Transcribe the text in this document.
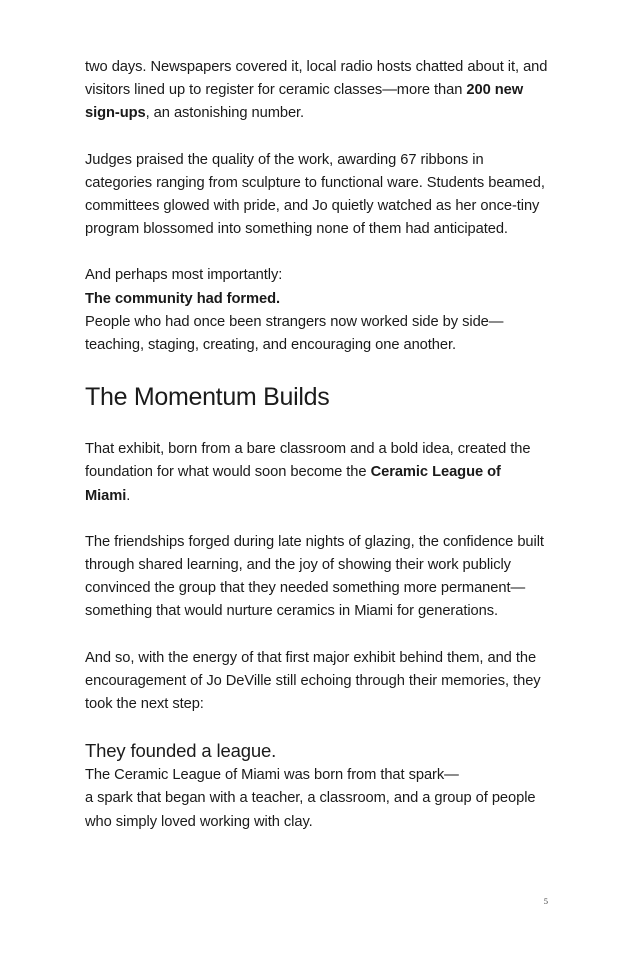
two days. Newspapers covered it, local radio hosts chatted about it, and visitors lined up to register for ceramic classes—more than 200 new sign-ups, an astonishing number.

Judges praised the quality of the work, awarding 67 ribbons in categories ranging from sculpture to functional ware. Students beamed, committees glowed with pride, and Jo quietly watched as her once-tiny program blossomed into something none of them had anticipated.

And perhaps most importantly:
The community had formed.
People who had once been strangers now worked side by side—teaching, staging, creating, and encouraging one another.

The Momentum Builds

That exhibit, born from a bare classroom and a bold idea, created the foundation for what would soon become the Ceramic League of Miami.

The friendships forged during late nights of glazing, the confidence built through shared learning, and the joy of showing their work publicly convinced the group that they needed something more permanent—something that would nurture ceramics in Miami for generations.

And so, with the energy of that first major exhibit behind them, and the encouragement of Jo DeVille still echoing through their memories, they took the next step:

They founded a league.

The Ceramic League of Miami was born from that spark—
a spark that began with a teacher, a classroom, and a group of people who simply loved working with clay.

5
